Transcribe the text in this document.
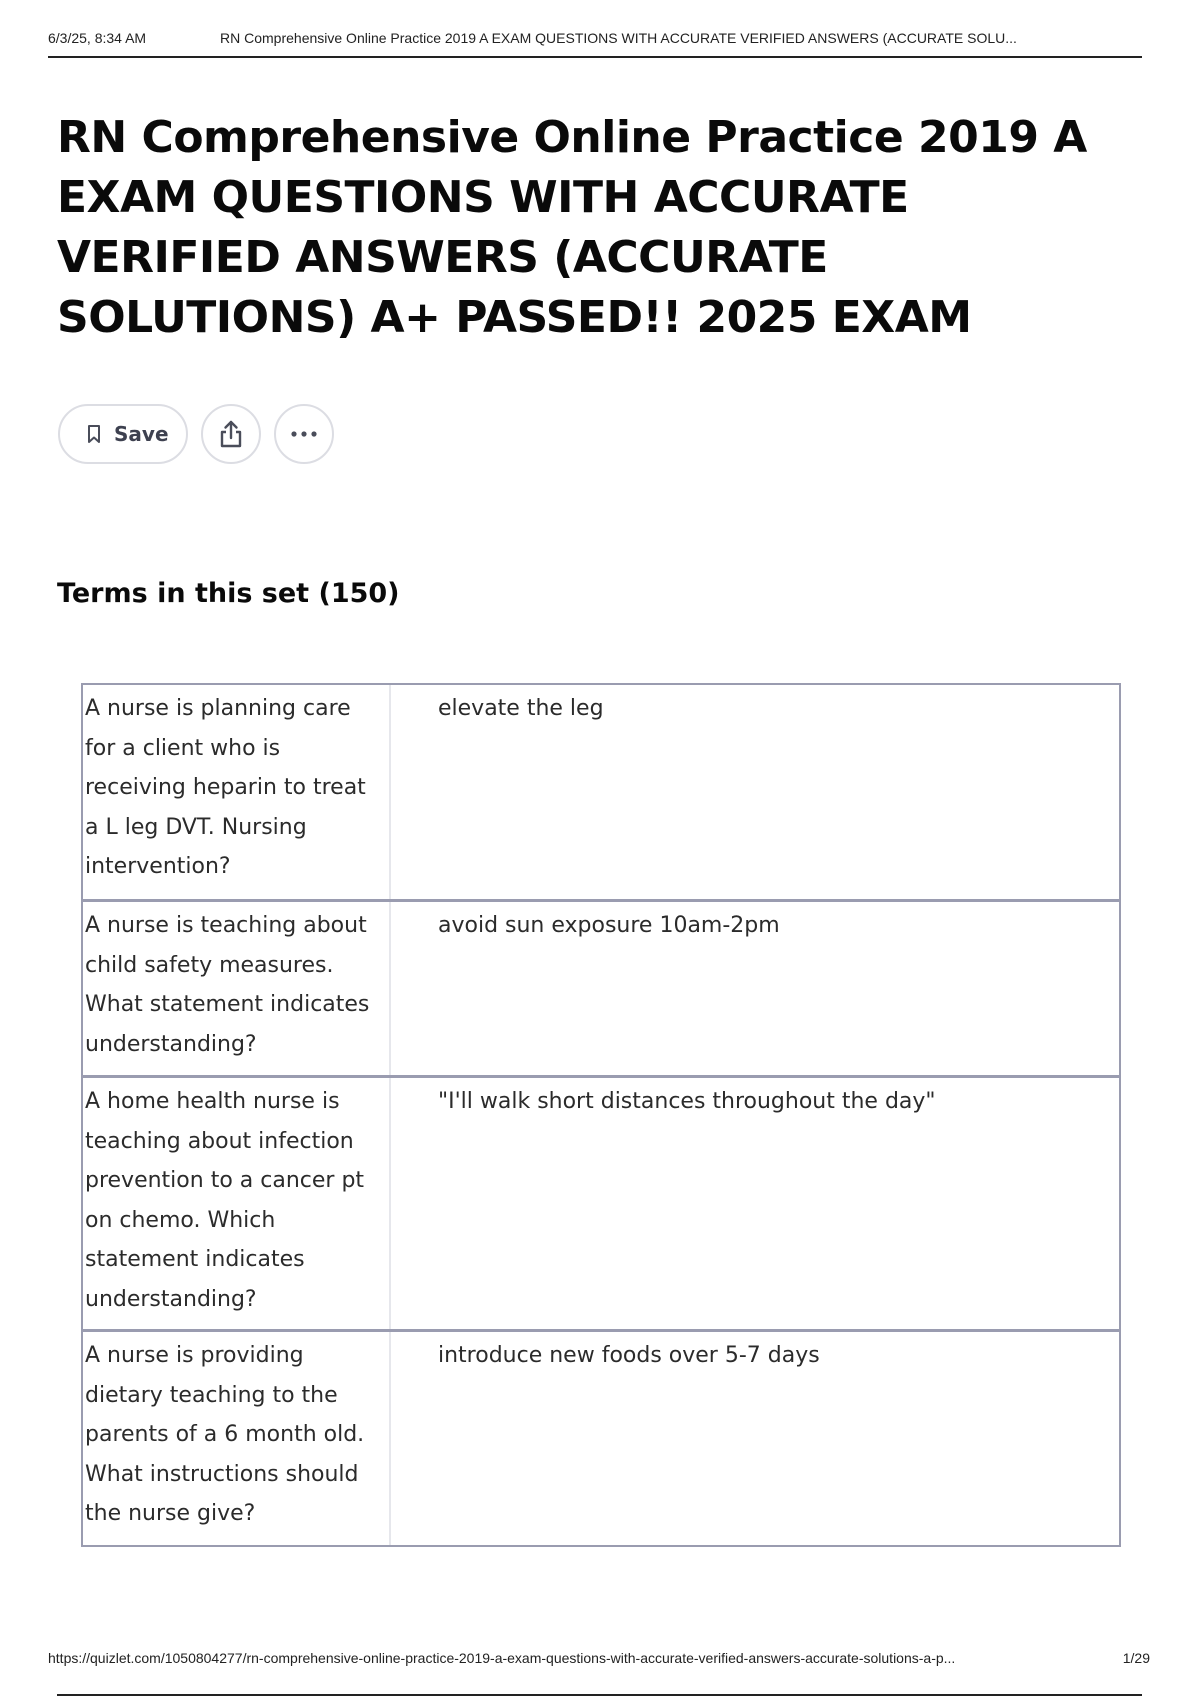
6/3/25, 8:34 AM	RN Comprehensive Online Practice 2019 A EXAM QUESTIONS WITH ACCURATE VERIFIED ANSWERS (ACCURATE SOLU...
RN Comprehensive Online Practice 2019 A EXAM QUESTIONS WITH ACCURATE VERIFIED ANSWERS (ACCURATE SOLUTIONS) A+ PASSED!! 2025 EXAM
Save
Terms in this set (150)
A nurse is planning care for a client who is receiving heparin to treat a L leg DVT. Nursing intervention?
elevate the leg
A nurse is teaching about child safety measures. What statement indicates understanding?
avoid sun exposure 10am-2pm
A home health nurse is teaching about infection prevention to a cancer pt on chemo. Which statement indicates understanding?
"I'll walk short distances throughout the day"
A nurse is providing dietary teaching to the parents of a 6 month old. What instructions should the nurse give?
introduce new foods over 5-7 days
https://quizlet.com/1050804277/rn-comprehensive-online-practice-2019-a-exam-questions-with-accurate-verified-answers-accurate-solutions-a-p...	1/29
